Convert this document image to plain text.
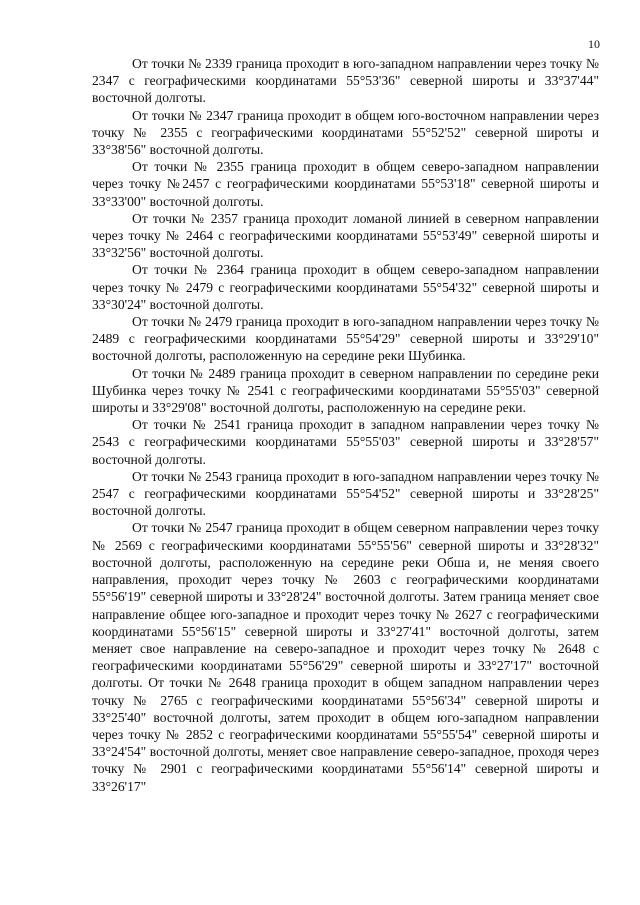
10

От точки № 2339 граница проходит в юго-западном направлении через точку № 2347 с географическими координатами 55°53'36" северной широты и 33°37'44" восточной долготы.

От точки № 2347 граница проходит в общем юго-восточном направлении через точку № 2355 с географическими координатами 55°52'52" северной широты и 33°38'56" восточной долготы.

От точки № 2355 граница проходит в общем северо-западном направлении через точку №2457 с географическими координатами 55°53'18" северной широты и 33°33'00" восточной долготы.

От точки № 2357 граница проходит ломаной линией в северном направлении через точку № 2464 с географическими координатами 55°53'49" северной широты и 33°32'56" восточной долготы.

От точки № 2364 граница проходит в общем северо-западном направлении через точку № 2479 с географическими координатами 55°54'32" северной широты и 33°30'24" восточной долготы.

От точки № 2479 граница проходит в юго-западном направлении через точку № 2489 с географическими координатами 55°54'29" северной широты и 33°29'10" восточной долготы, расположенную на середине реки Шубинка.

От точки № 2489 граница проходит в северном направлении по середине реки Шубинка через точку № 2541 с географическими координатами 55°55'03" северной широты и 33°29'08" восточной долготы, расположенную на середине реки.

От точки № 2541 граница проходит в западном направлении через точку № 2543 с географическими координатами 55°55'03" северной широты и 33°28'57" восточной долготы.

От точки № 2543 граница проходит в юго-западном направлении через точку № 2547 с географическими координатами 55°54'52" северной широты и 33°28'25" восточной долготы.

От точки № 2547 граница проходит в общем северном направлении через точку № 2569 с географическими координатами 55°55'56" северной широты и 33°28'32" восточной долготы, расположенную на середине реки Обша и, не меняя своего направления, проходит через точку № 2603 с географическими координатами 55°56'19" северной широты и 33°28'24" восточной долготы. Затем граница меняет свое направление общее юго-западное и проходит через точку № 2627 с географическими координатами 55°56'15" северной широты и 33°27'41" восточной долготы, затем меняет свое направление на северо-западное и проходит через точку № 2648 с географическими координатами 55°56'29" северной широты и 33°27'17" восточной долготы. От точки № 2648 граница проходит в общем западном направлении через точку № 2765 с географическими координатами 55°56'34" северной широты и 33°25'40" восточной долготы, затем проходит в общем юго-западном направлении через точку № 2852 с географическими координатами 55°55'54" северной широты и 33°24'54" восточной долготы, меняет свое направление северо-западное, проходя через точку № 2901 с географическими координатами 55°56'14" северной широты и 33°26'17"
